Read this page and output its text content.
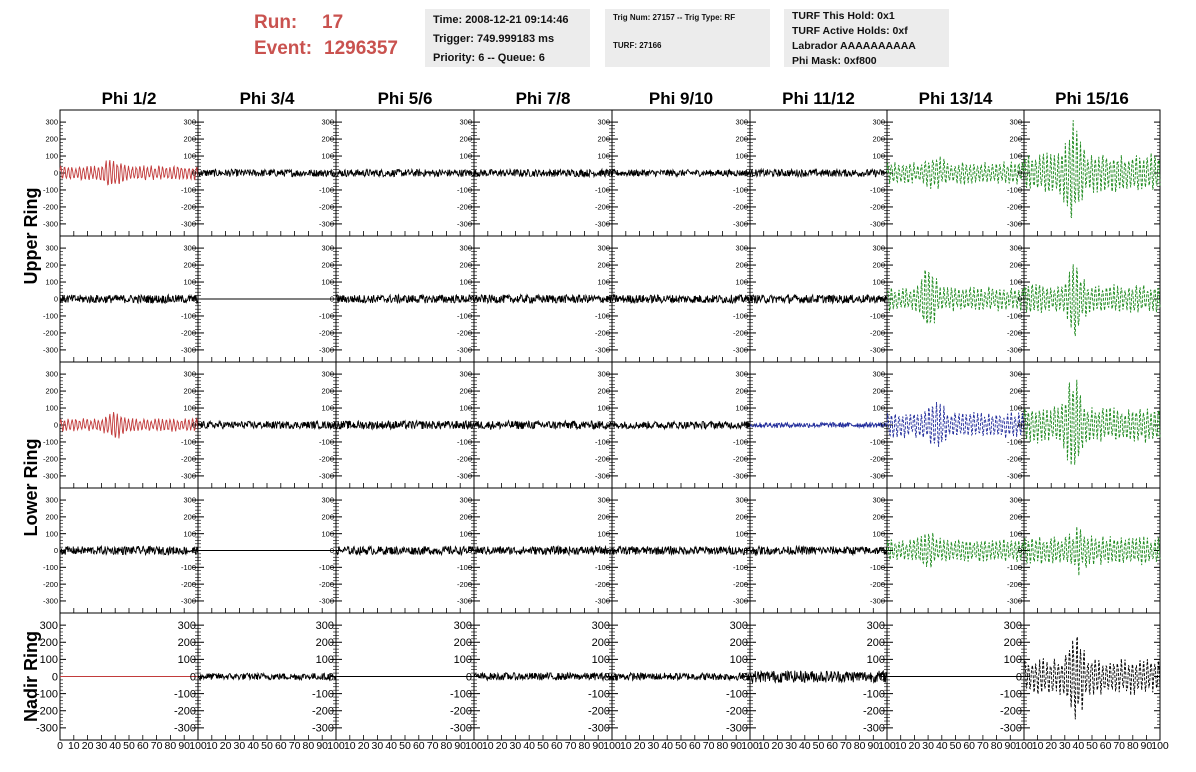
Run:	17
Event: 1296357
Time: 2008-12-21 09:14:46
Trigger: 749.999183 ms
Priority: 6 -- Queue: 6
Trig Num: 27157 -- Trig Type: RF
TURF: 27166
TURF This Hold: 0x1
TURF Active Holds: 0xf
Labrador AAAAAAAAAA
Phi Mask: 0xf800
Phi 1/2	Phi 3/4	Phi 5/6	Phi 7/8	Phi 9/10	Phi 11/12	Phi 13/14	Phi 15/16
Upper Ring
Lower Ring
Nadir Ring
-300
-200
-100
0
100
200
300
-300
-200
-100
0
100
200
300
-300
-200
-100
0
100
200
300
-300
-200
-100
0
100
200
300
-300
-200
-100
0
100
200
300
-300
-200
-100
0
100
200
300
-300
-200
-100
0
100
200
300
-300
-200
-100
0
100
200
300
-300
-200
-100
0
100
200
300
-300
-200
-100
0
100
200
300
-300
-200
-100
0
100
200
300
-300
-200
-100
0
100
200
300
-300
-200
-100
0
100
200
300
-300
-200
-100
0
100
200
300
-300
-200
-100
0
100
200
300
-300
-200
-100
0
100
200
300
-300
-200
-100
0
100
200
300
-300
-200
-100
0
100
200
300
-300
-200
-100
0
100
200
300
-300
-200
-100
0
100
200
300
-300
-200
-100
0
100
200
300
-300
-200
-100
0
100
200
300
-300
-200
-100
0
100
200
300
-300
-200
-100
0
100
200
300
-300
-200
-100
0
100
200
300
-300
-200
-100
0
100
200
300
-300
-200
-100
0
100
200
300
-300
-200
-100
0
100
200
300
-300
-200
-100
0
100
200
300
-300
-200
-100
0
100
200
300
-300
-200
-100
0
100
200
300
-300
-200
-100
0
100
200
300
-300
-200
-100
0
100
200
300
-300
-200
-100
0
100
200
300
-300
-200
-100
0
100
200
300
-300
-200
-100
0
100
200
300
-300
-200
-100
0
100
200
300
-300
-200
-100
0
100
200
300
-300
-200
-100
0
100
200
300
-300
-200
-100
0
100
200
300
0 10 20 30 40 50 60 70 80 90 100 10 20 30 40 50 60 70 80 90 100 10 20 30 40 50 60 70 80 90 100 10 20 30 40 50 60 70 80 90 100 10 20 30 40 50 60 70 80 90 100 10 20 30 40 50 60 70 80 90 100 10 20 30 40 50 60 70 80 90 100
10 20 30 40 50 60 70 80 90
100
